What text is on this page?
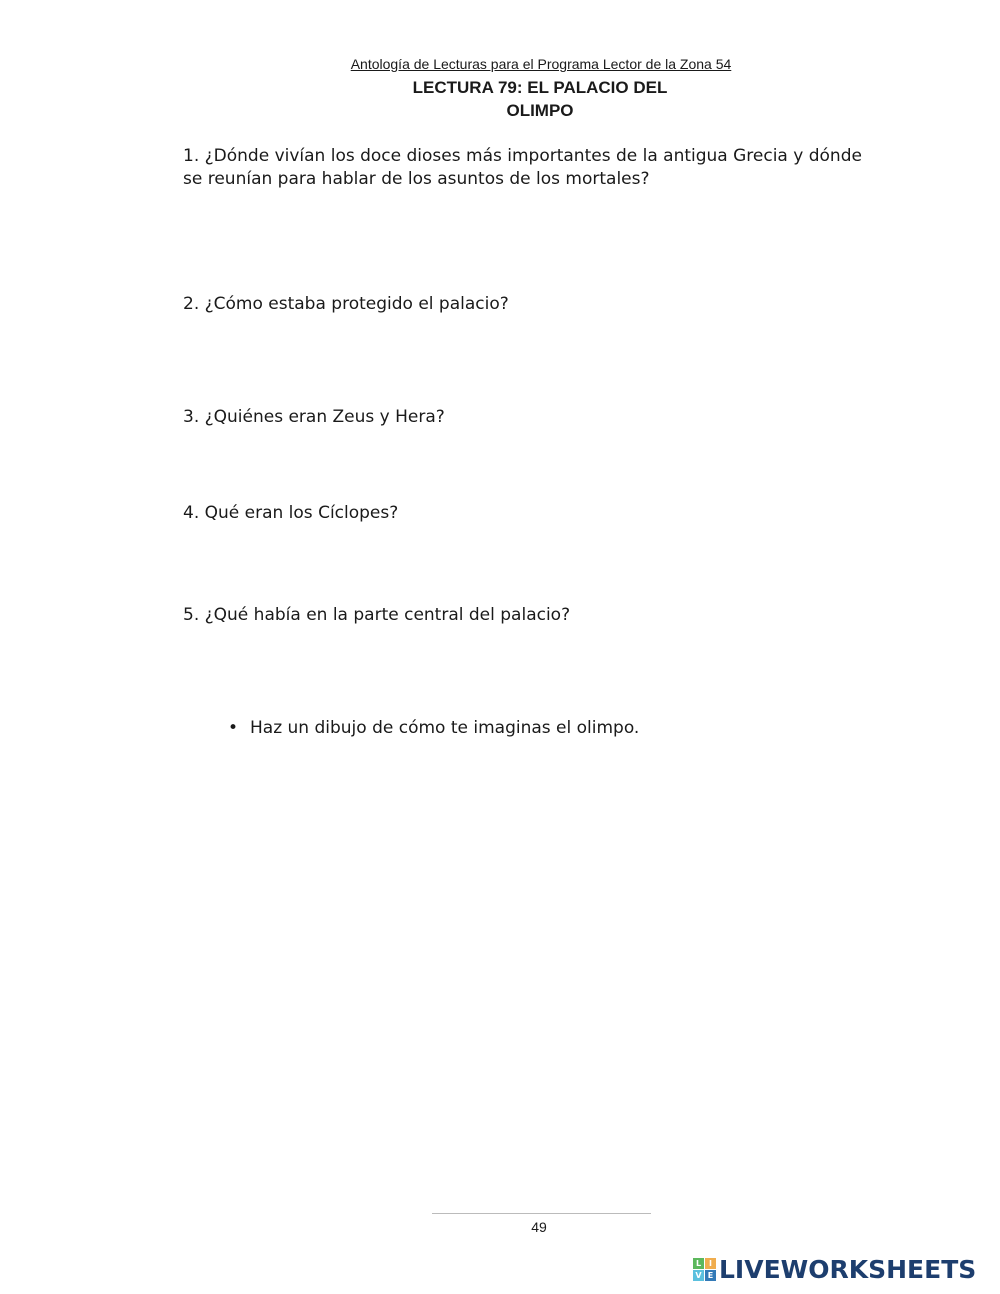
Antología de Lecturas para el Programa Lector de la Zona 54
LECTURA 79: EL PALACIO DEL
OLIMPO
1. ¿Dónde vivían los doce dioses más importantes de la antigua Grecia y dónde
se reunían para hablar de los asuntos de los mortales?
2. ¿Cómo estaba protegido el palacio?
3. ¿Quiénes eran Zeus y Hera?
4. Qué eran los Cíclopes?
5. ¿Qué había en la parte central del palacio?
• Haz un dibujo de cómo te imaginas el olimpo.
49
L I
V E LIVEWORKSHEETS
